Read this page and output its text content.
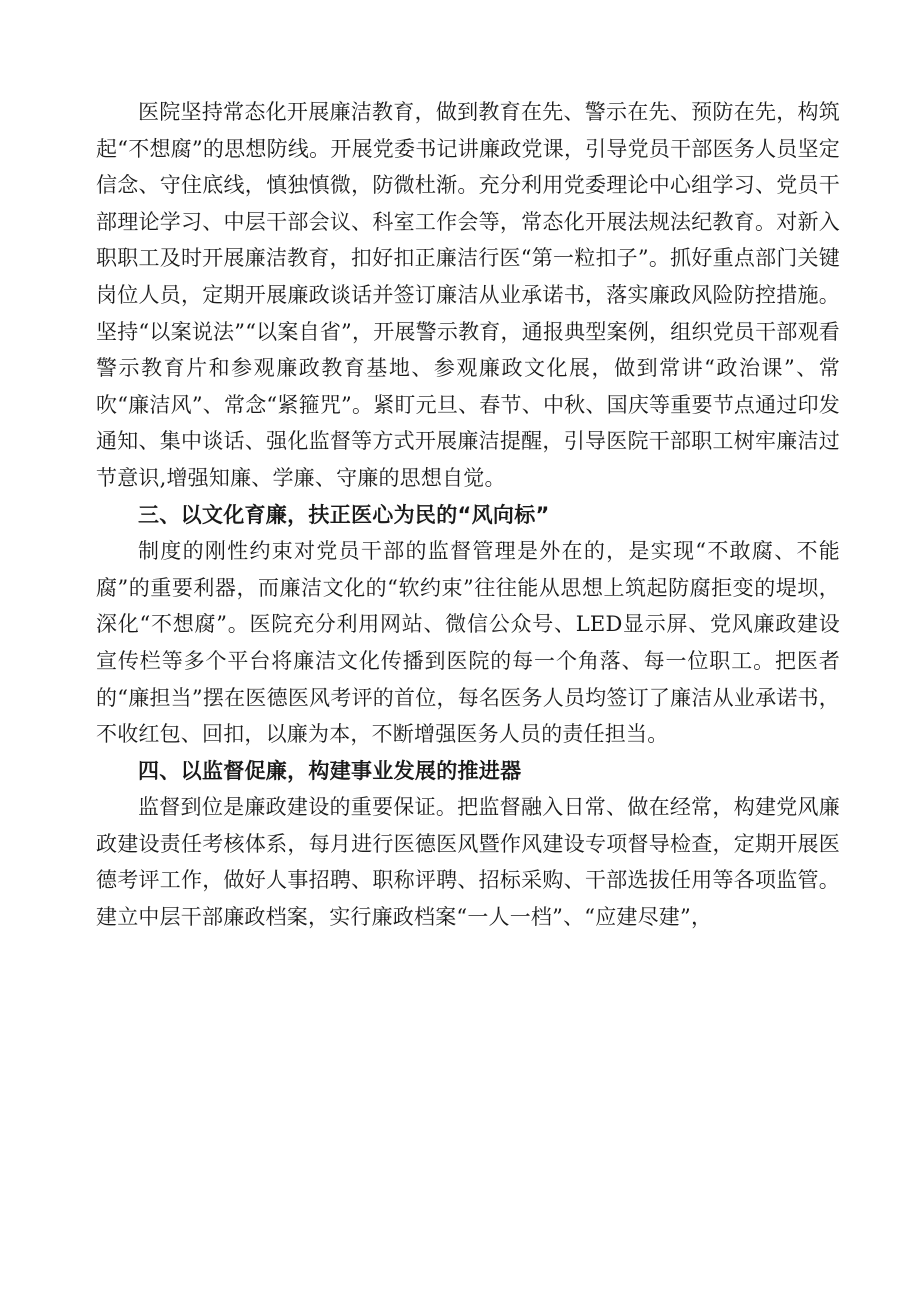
医院坚持常态化开展廉洁教育，做到教育在先、警示在先、预防在先，构筑起“不想腐”的思想防线。开展党委书记讲廉政党课，引导党员干部医务人员坚定信念、守住底线，慎独慎微，防微杜渐。充分利用党委理论中心组学习、党员干部理论学习、中层干部会议、科室工作会等，常态化开展法规法纪教育。对新入职职工及时开展廉洁教育，扣好扣正廉洁行医“第一粒扣子”。抓好重点部门关键岗位人员，定期开展廉政谈话并签订廉洁从业承诺书，落实廉政风险防控措施。坚持“以案说法”“以案自省”，开展警示教育，通报典型案例，组织党员干部观看警示教育片和参观廉政教育基地、参观廉政文化展，做到常讲“政治课”、常吹“廉洁风”、常念“紧箍咒”。紧盯元旦、春节、中秋、国庆等重要节点通过印发通知、集中谈话、强化监督等方式开展廉洁提醒，引导医院干部职工树牢廉洁过节意识,增强知廉、学廉、守廉的思想自觉。

三、以文化育廉，扶正医心为民的“风向标”

制度的刚性约束对党员干部的监督管理是外在的，是实现“不敢腐、不能腐”的重要利器，而廉洁文化的“软约束”往往能从思想上筑起防腐拒变的堤坝，深化“不想腐”。医院充分利用网站、微信公众号、LED显示屏、党风廉政建设宣传栏等多个平台将廉洁文化传播到医院的每一个角落、每一位职工。把医者的“廉担当”摆在医德医风考评的首位，每名医务人员均签订了廉洁从业承诺书，不收红包、回扣，以廉为本，不断增强医务人员的责任担当。

四、以监督促廉，构建事业发展的推进器

监督到位是廉政建设的重要保证。把监督融入日常、做在经常，构建党风廉政建设责任考核体系，每月进行医德医风暨作风建设专项督导检查，定期开展医德考评工作，做好人事招聘、职称评聘、招标采购、干部选拔任用等各项监管。建立中层干部廉政档案，实行廉政档案“一人一档”、“应建尽建”，
